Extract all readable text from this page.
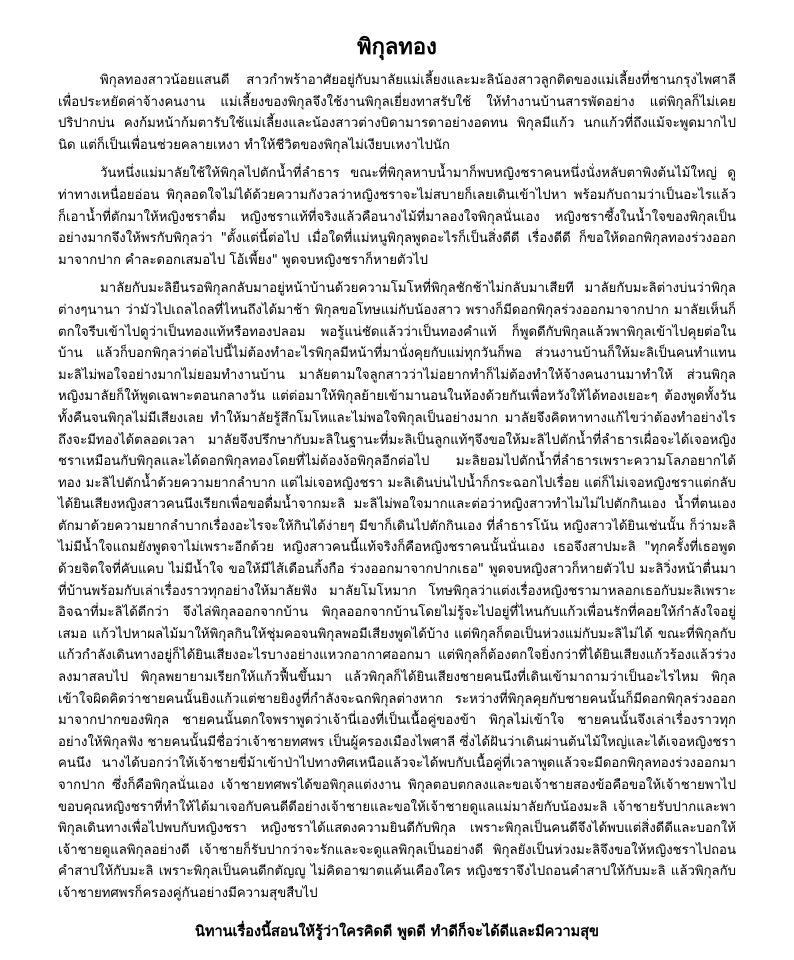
พิกุลทอง

พิกุลทองสาวน้อยแสนดี สาวกำพร้าอาศัยอยู่กับมาลัยแม่เลี้ยงและมะลิน้องสาวลูกติดของแม่เลี้ยงที่ชานกรุงไพศาลี เพื่อประหยัดค่าจ้างคนงาน แม่เลี้ยงของพิกุลจึงใช้งานพิกุลเยี่ยงทาสรับใช้ ให้ทำงานบ้านสารพัดอย่าง แต่พิกุลก็ไม่เคยปริปากบ่น คงก้มหน้าก้มตารับใช้แม่เลี้ยงและน้องสาวต่างบิดามารดาอย่างอดทน พิกุลมีแก้ว นกแก้วที่ถึงแม้จะพูดมากไปนิด แต่ก็เป็นเพื่อนช่วยคลายเหงา ทำให้ชีวิตของพิกุลไม่เงียบเหงาไปนัก

วันหนึ่งแม่มาลัยใช้ให้พิกุลไปตักน้ำที่ลำธาร ขณะที่พิกุลหาบน้ำมาก็พบหญิงชราคนหนึ่งนั่งหลับตาพิงต้นไม้ใหญ่ ดูท่าทางเหนื่อยอ่อน พิกุลอดใจไม่ได้ด้วยความกังวลว่าหญิงชราจะไม่สบายก็เลยเดินเข้าไปหา พร้อมกับถามว่าเป็นอะไรแล้วก็เอาน้ำที่ตักมาให้หญิงชราดื่ม หญิงชราแท้ที่จริงแล้วคือนางไม้ที่มาลองใจพิกุลนั่นเอง หญิงชราซึ้งในน้ำใจของพิกุลเป็นอย่างมากจึงให้พรกับพิกุลว่า "ตั้งแต่นี้ต่อไป เมื่อใดที่แม่หนูพิกุลพูดอะไรก็เป็นสิ่งดีดี เรื่องดีดี ก็ขอให้ดอกพิกุลทองร่วงออกมาจากปาก คำละดอกเสมอไป โอ้เพี้ยง" พูดจบหญิงชราก็หายตัวไป

มาลัยกับมะลิยืนรอพิกุลกลับมาอยู่หน้าบ้านด้วยความโมโหที่พิกุลชักช้าไม่กลับมาเสียที มาลัยกับมะลิต่างบ่นว่าพิกุลต่างๆนานา ว่ามัวไปเถลไถลที่ไหนถึงได้มาช้า พิกุลขอโทษแม่กับน้องสาว พรางก็มีดอกพิกุลร่วงออกมาจากปาก มาลัยเห็นก็ตกใจรีบเข้าไปดูว่าเป็นทองแท้หรือทองปลอม พอรู้แน่ชัดแล้วว่าเป็นทองคำแท้ ก็พูดดีกับพิกุลแล้วพาพิกุลเข้าไปคุยต่อในบ้าน แล้วก็บอกพิกุลว่าต่อไปนี้ไม่ต้องทำอะไรพิกุลมีหน้าที่มานั่งคุยกับแม่ทุกวันก็พอ ส่วนงานบ้านก็ให้มะลิเป็นคนทำแทน มะลิไม่พอใจอย่างมากไม่ยอมทำงานบ้าน มาลัยตามใจลูกสาวว่าไม่อยากทำก็ไม่ต้องทำให้จ้างคนงานมาทำให้ ส่วนพิกุลหญิงมาลัยก็ให้พูดเฉพาะตอนกลางวัน แต่ต่อมาให้พิกุลย้ายเข้ามานอนในห้องด้วยกันเพื่อหวังให้ได้ทองเยอะๆ ต้องพูดทั้งวันทั้งคืนจนพิกุลไม่มีเสียงเลย ทำให้มาลัยรู้สึกโมโหและไม่พอใจพิกุลเป็นอย่างมาก มาลัยจึงคิดหาทางแก้ไขว่าต้องทำอย่างไรถึงจะมีทองได้ตลอดเวลา มาลัยจึงปรึกษากับมะลิในฐานะที่มะลิเป็นลูกแท้ๆจึงขอให้มะลิไปตักน้ำที่ลำธารเผื่อจะได้เจอหญิงชราเหมือนกับพิกุลและได้ดอกพิกุลทองโดยที่ไม่ต้องง้อพิกุลอีกต่อไป มะลิยอมไปตักน้ำที่ลำธารเพราะความโลภอยากได้ทอง มะลิไปตักน้ำด้วยความยากลำบาก แต่ไม่เจอหญิงชรา มะลิเดินบ่นไปน้ำก็กระฉอกไปเรื่อย แต่ก็ไม่เจอหญิงชราแต่กลับได้ยินเสียงหญิงสาวคนนึงเรียกเพื่อขอดื่มน้ำจากมะลิ มะลิไม่พอใจมากและต่อว่าหญิงสาวทำไมไม่ไปตักกินเอง น้ำที่ตนเองตักมาด้วยความยากลำบากเรื่องอะไรจะให้กินได้ง่ายๆ มีขาก็เดินไปตักกินเอง ที่ลำธารโน้น หญิงสาวได้ยินเช่นนั้น ก็ว่ามะลิไม่มีน้ำใจแถมยังพูดจาไม่เพราะอีกด้วย หญิงสาวคนนี้แท้จริงก็คือหญิงชราคนนั้นนั่นเอง เธอจึงสาปมะลิ "ทุกครั้งที่เธอพูดด้วยจิตใจที่คับแคบ ไม่มีน้ำใจ ขอให้มีไส้เดือนกิ้งกือ ร่วงออกมาจากปากเธอ" พูดจบหญิงสาวก็หายตัวไป มะลิวิ่งหน้าตื่นมาที่บ้านพร้อมกับเล่าเรื่องราวทุกอย่างให้มาลัยฟัง มาลัยโมโหมาก โทษพิกุลว่าแต่งเรื่องหญิงชรามาหลอกเธอกับมะลิเพราะอิจฉาที่มะลิได้ดีกว่า จึงไล่พิกุลออกจากบ้าน พิกุลออกจากบ้านโดยไม่รู้จะไปอยู่ที่ไหนกับแก้วเพื่อนรักที่คอยให้กำลังใจอยู่เสมอ แก้วไปหาผลไม้มาให้พิกุลกินให้ชุ่มคอจนพิกุลพอมีเสียงพูดได้บ้าง แต่พิกุลก็ตอเป็นห่วงแม่กับมะลิไม่ได้ ขณะที่พิกุลกับแก้วกำลังเดินทางอยู่ก็ได้ยินเสียงอะไรบางอย่างแหวกอากาศออกมา แต่พิกุลก็ต้องตกใจยิ่งกว่าที่ได้ยินเสียงแก้วร้องแล้วร่วงลงมาสลบไป พิกุลพยายามเรียกให้แก้วฟื้นขึ้นมา แล้วพิกุลก็ได้ยินเสียงชายคนนึงที่เดินเข้ามาถามว่าเป็นอะไรไหม พิกุลเข้าใจผิดคิดว่าชายคนนั้นยิงแก้วแต่ชายยิงงูที่กำลังจะฉกพิกุลต่างหาก ระหว่างที่พิกุลคุยกับชายคนนั้นก็มีดอกพิกุลร่วงออกมาจากปากของพิกุล ชายคนนั้นตกใจพราพูดว่าเจ้านี่เองที่เป็นเนื้อคู่ของข้า พิกุลไม่เข้าใจ ชายคนนั้นจึงเล่าเรื่องราวทุกอย่างให้พิกุลฟัง ชายคนนั้นมีชื่อว่าเจ้าชายทศพร เป็นผู้ครองเมืองไพศาลี ซึ่งได้ฝันว่าเดินผ่านต้นไม้ใหญ่และได้เจอหญิงชราคนนึง นางได้บอกว่าให้เจ้าชายขี่ม้าเข้าป่าไปทางทิศเหนือแล้วจะได้พบกับเนื้อคู่ที่เวลาพูดแล้วจะมีดอกพิกุลทองร่วงออกมาจากปาก ซึ่งก็คือพิกุลนั่นเอง เจ้าชายทศพรได้ขอพิกุลแต่งงาน พิกุลตอบตกลงและขอเจ้าชายสองข้อคือขอให้เจ้าชายพาไปขอบคุณหญิงชราที่ทำให้ได้มาเจอกับคนดีดีอย่างเจ้าชายและขอให้เจ้าชายดูแลแม่มาลัยกับน้องมะลิ เจ้าชายรับปากและพาพิกุลเดินทางเพื่อไปพบกับหญิงชรา หญิงชราได้แสดงความยินดีกับพิกุล เพราะพิกุลเป็นคนดีจึงได้พบแต่สิ่งดีดีและบอกให้เจ้าชายดูแลพิกุลอย่างดี เจ้าชายก็รับปากว่าจะรักและจะดูแลพิกุลเป็นอย่างดี พิกุลยังเป็นห่วงมะลิจึงขอให้หญิงชราไปถอนคำสาปให้กับมะลิ เพราะพิกุลเป็นคนดีกตัญญู ไม่คิดอาฆาตแค้นเคืองใคร หญิงชราจึงไปถอนคำสาปให้กับมะลิ แล้วพิกุลกับเจ้าชายทศพรก็ครองคู่กันอย่างมีความสุขสืบไป

นิทานเรื่องนี้สอนให้รู้ว่าใครคิดดี พูดดี ทำดีก็จะได้ดีและมีความสุข
